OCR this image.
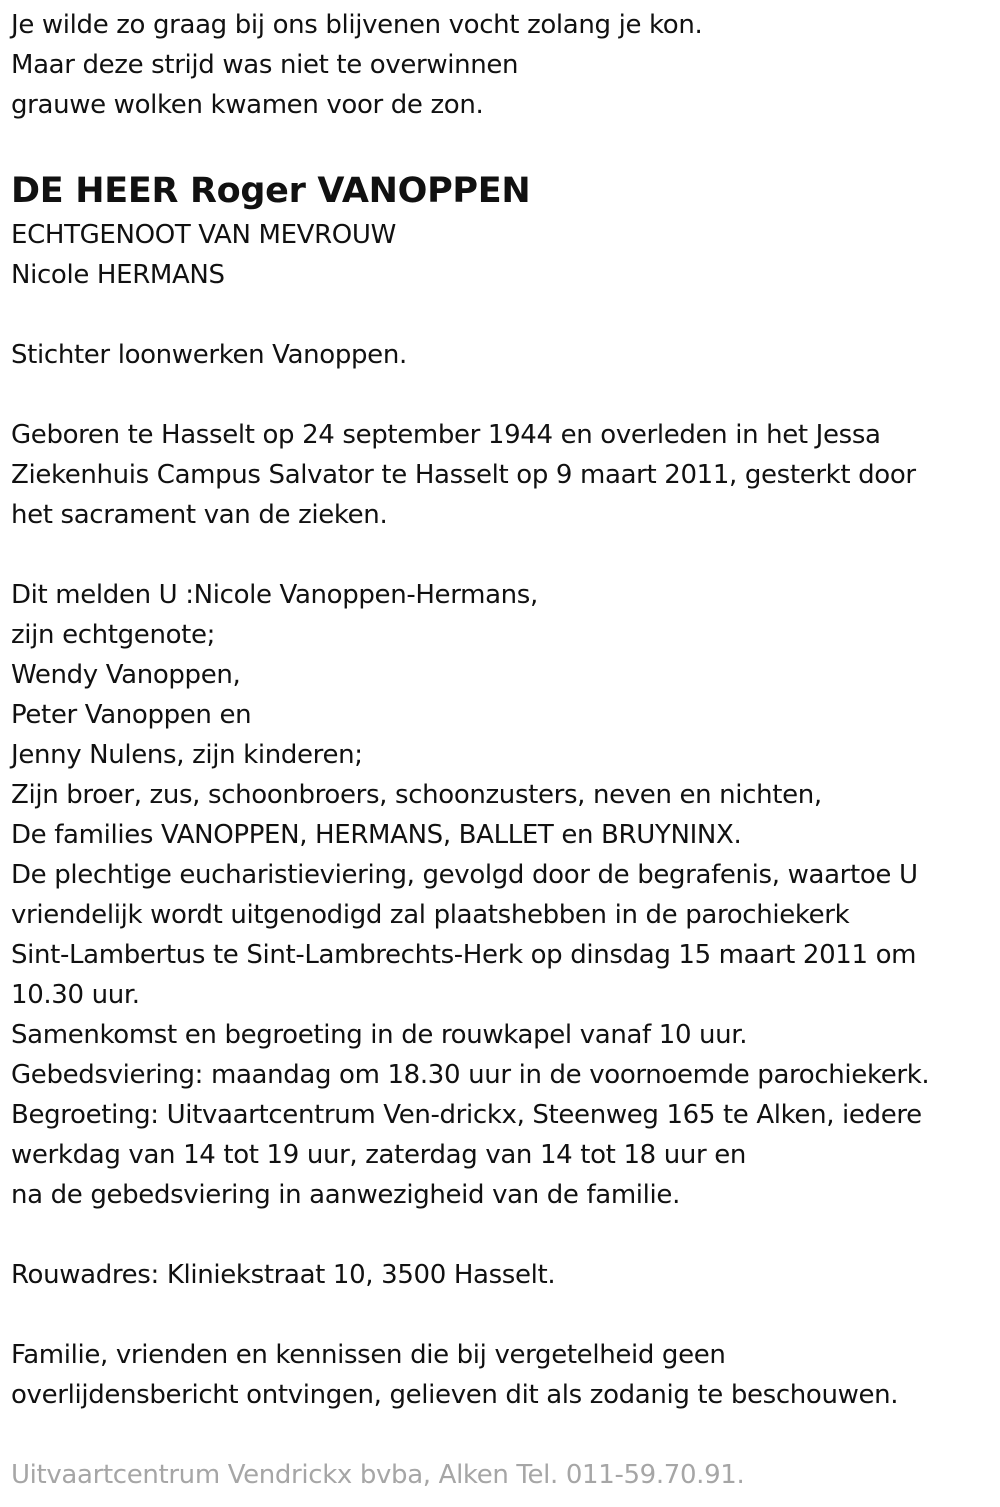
Je wilde zo graag bij ons blijvenen vocht zolang je kon.
Maar deze strijd was niet te overwinnen
grauwe wolken kwamen voor de zon.
DE HEER Roger VANOPPEN
ECHTGENOOT VAN MEVROUW
Nicole HERMANS
Stichter loonwerken Vanoppen.
Geboren te Hasselt op 24 september 1944 en overleden in het Jessa
Ziekenhuis Campus Salvator te Hasselt op 9 maart 2011, gesterkt door
het sacrament van de zieken.
Dit melden U :Nicole Vanoppen-Hermans,
zijn echtgenote;
Wendy Vanoppen,
Peter Vanoppen en
Jenny Nulens, zijn kinderen;
Zijn broer, zus, schoonbroers, schoonzusters, neven en nichten,
De families VANOPPEN, HERMANS, BALLET en BRUYNINX.
De plechtige eucharistieviering, gevolgd door de begrafenis, waartoe U
vriendelijk wordt uitgenodigd zal plaatshebben in de parochiekerk
Sint-Lambertus te Sint-Lambrechts-Herk op dinsdag 15 maart 2011 om
10.30 uur.
Samenkomst en begroeting in de rouwkapel vanaf 10 uur.
Gebedsviering: maandag om 18.30 uur in de voornoemde parochiekerk.
Begroeting: Uitvaartcentrum Ven-drickx, Steenweg 165 te Alken, iedere
werkdag van 14 tot 19 uur, zaterdag van 14 tot 18 uur en
na de gebedsviering in aanwezigheid van de familie.
Rouwadres: Kliniekstraat 10, 3500 Hasselt.
Familie, vrienden en kennissen die bij vergetelheid geen
overlijdensbericht ontvingen, gelieven dit als zodanig te beschouwen.
Uitvaartcentrum Vendrickx bvba, Alken Tel. 011-59.70.91.
